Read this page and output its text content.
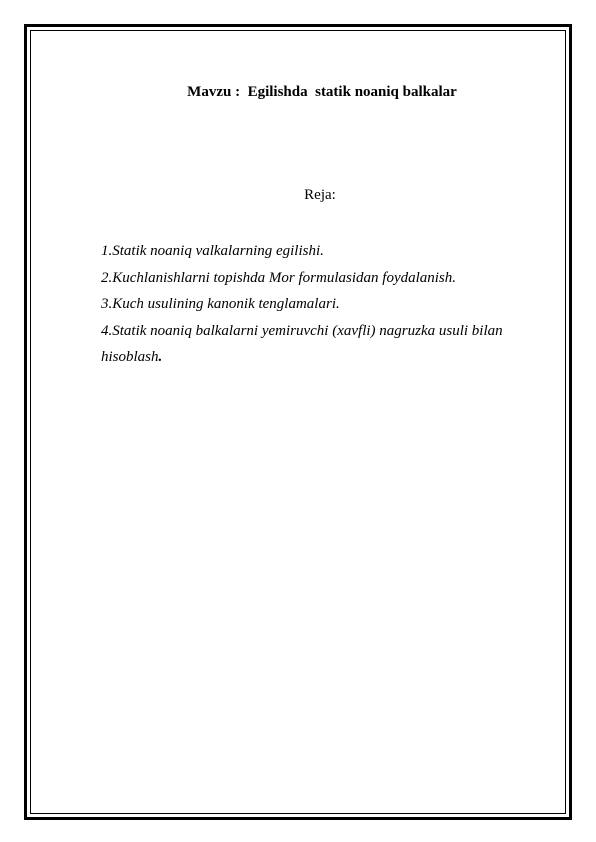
Mavzu :  Egilishda  statik noaniq balkalar
Reja:
1.Statik noaniq valkalarning egilishi.
2.Kuchlanishlarni topishda Mor formulasidan foydalanish.
3.Kuch usulining kanonik tenglamalari.
4.Statik noaniq balkalarni yemiruvchi (xavfli) nagruzka usuli bilan hisoblash.
